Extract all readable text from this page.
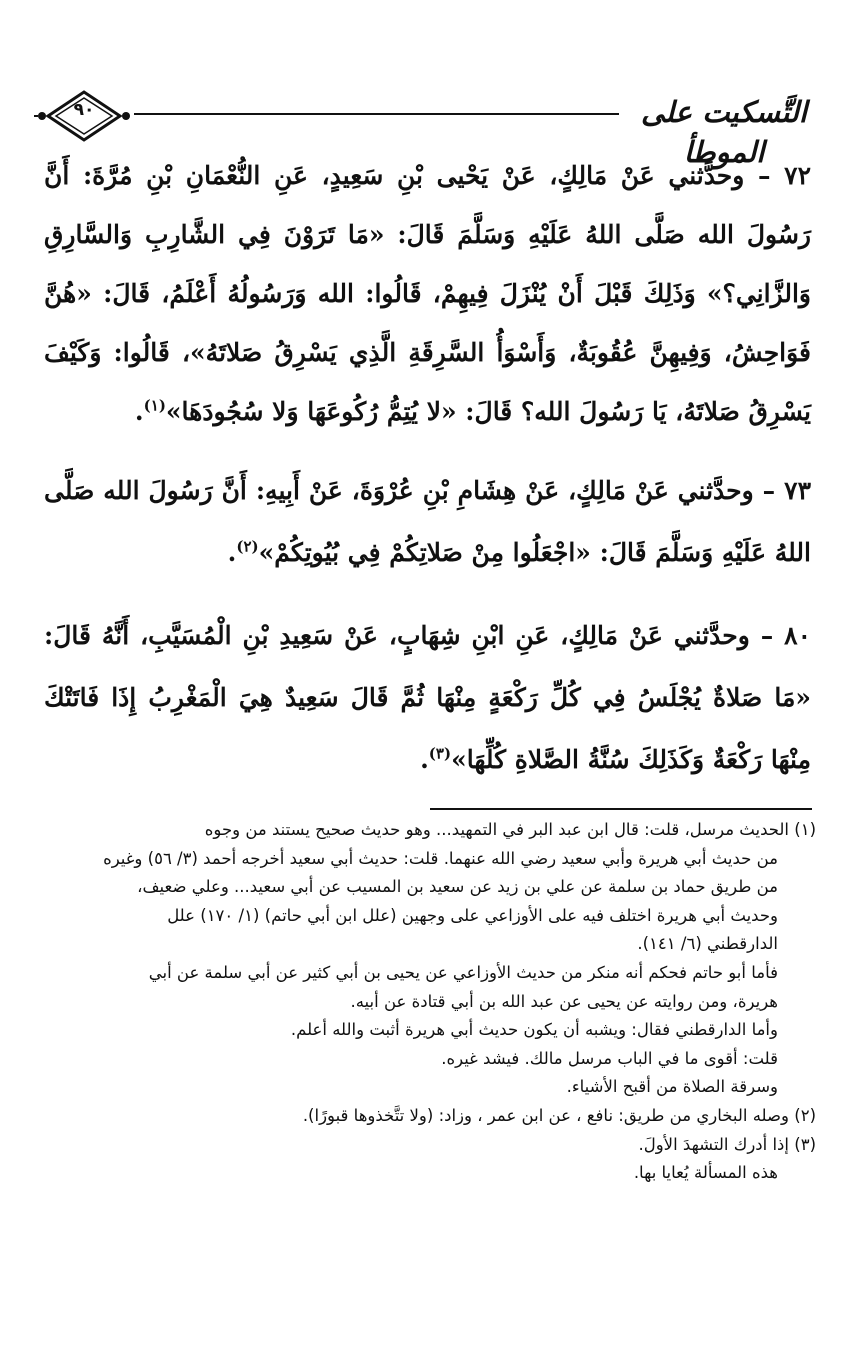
٩٠	التَّسكيت على الموطأ
٧٢ – وحدَّثني عَنْ مَالِكٍ، عَنْ يَحْيى بْنِ سَعِيدٍ، عَنِ النُّعْمَانِ بْنِ مُرَّةَ: أَنَّ رَسُولَ الله صَلَّى اللهُ عَلَيْهِ وَسَلَّمَ قَالَ: «مَا تَرَوْنَ فِي الشَّارِبِ وَالسَّارِقِ وَالزَّانِي؟» وَذَلِكَ قَبْلَ أَنْ يُنْزَلَ فِيهِمْ، قَالُوا: الله وَرَسُولُهُ أَعْلَمُ، قَالَ: «هُنَّ فَوَاحِشُ، وَفِيهِنَّ عُقُوبَةٌ، وَأَسْوَأُ السَّرِقَةِ الَّذِي يَسْرِقُ صَلاتَهُ»، قَالُوا: وَكَيْفَ يَسْرِقُ صَلاتَهُ، يَا رَسُولَ الله؟ قَالَ: «لا يُتِمُّ رُكُوعَهَا وَلا سُجُودَهَا»$^{(١)}$.
٧٣ – وحدَّثني عَنْ مَالِكٍ، عَنْ هِشَامِ بْنِ عُرْوَةَ، عَنْ أَبِيهِ: أَنَّ رَسُولَ الله صَلَّى اللهُ عَلَيْهِ وَسَلَّمَ قَالَ: «اجْعَلُوا مِنْ صَلاتِكُمْ فِي بُيُوتِكُمْ»$^{(٢)}$.
٨٠ – وحدَّثني عَنْ مَالِكٍ، عَنِ ابْنِ شِهَابٍ، عَنْ سَعِيدِ بْنِ الْمُسَيَّبِ، أَنَّهُ قَالَ: «مَا صَلاةٌ يُجْلَسُ فِي كُلِّ رَكْعَةٍ مِنْهَا ثُمَّ قَالَ سَعِيدٌ هِيَ الْمَغْرِبُ إِذَا فَاتَتْكَ مِنْهَا رَكْعَةٌ وَكَذَلِكَ سُنَّةُ الصَّلاةِ كُلِّهَا»$^{(٣)}$.

(١) الحديث مرسل، قلت: قال ابن عبد البر في التمهيد... وهو حديث صحيح يستند من وجوه

من حديث أبي هريرة وأبي سعيد رضي الله عنهما. قلت: حديث أبي سعيد أخرجه أحمد (٣/ ٥٦) وغيره

من طريق حماد بن سلمة عن علي بن زيد عن سعيد بن المسيب عن أبي سعيد... وعلي ضعيف،

وحديث أبي هريرة اختلف فيه على الأوزاعي على وجهين (علل ابن أبي حاتم) (١/ ١٧٠) علل

الدارقطني (٦/ ١٤١).

فأما أبو حاتم فحكم أنه منكر من حديث الأوزاعي عن يحيى بن أبي كثير عن أبي سلمة عن أبي

هريرة، ومن روايته عن يحيى عن عبد الله بن أبي قتادة عن أبيه.

وأما الدارقطني فقال: ويشبه أن يكون حديث أبي هريرة أثبت والله أعلم.

قلت: أقوى ما في الباب مرسل مالك. فيشد غيره.

وسرقة الصلاة من أقبح الأشياء.

(٢) وصله البخاري من طريق: نافع ، عن ابن عمر ، وزاد: (ولا تتَّخذوها قبورًا).

(٣) إذا أدرك التشهدَ الأولَ.

هذه المسألة يُعايا بها.
